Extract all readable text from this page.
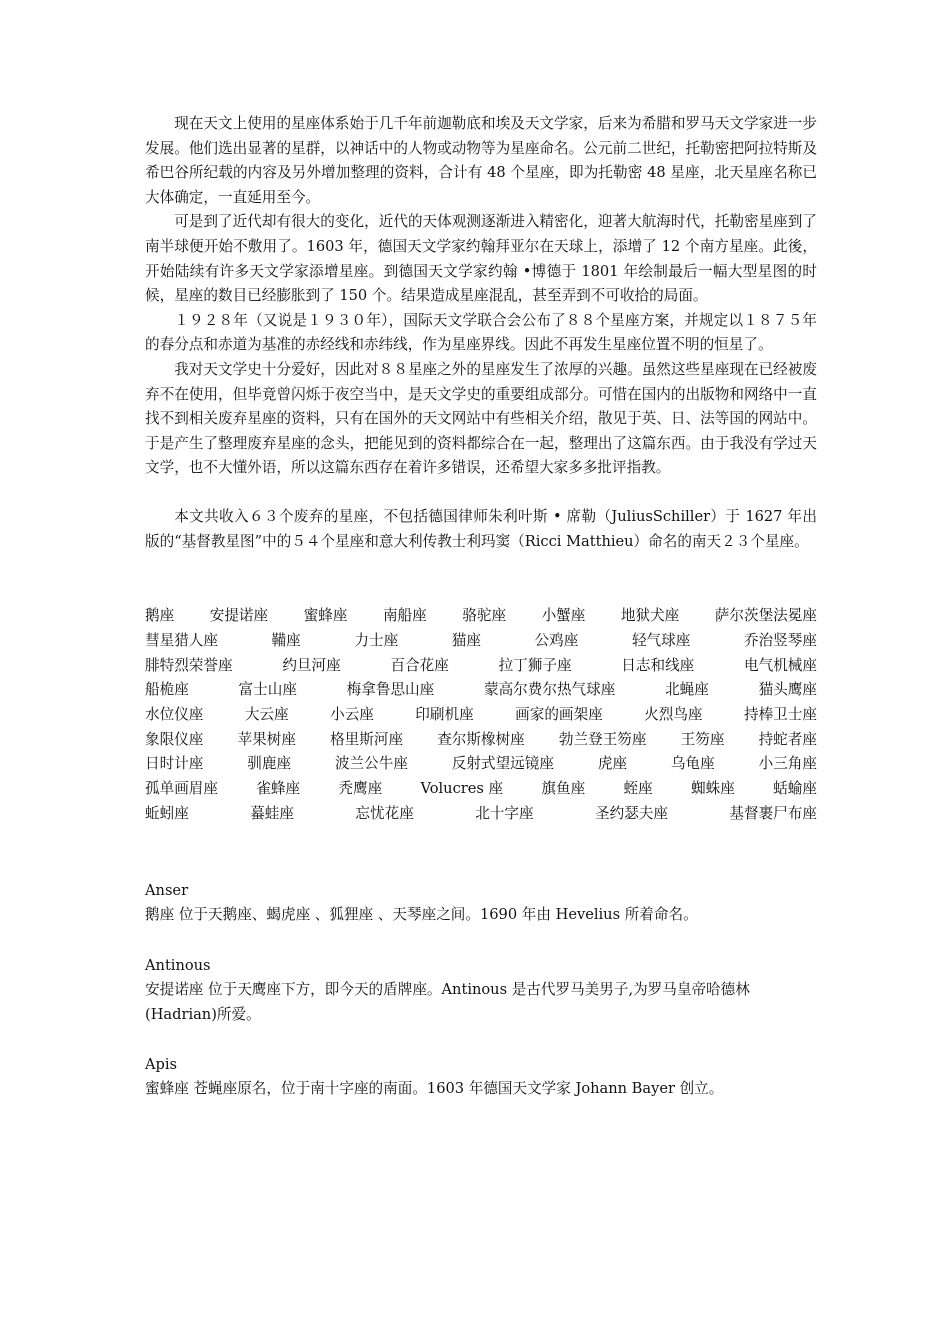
现在天文上使用的星座体系始于几千年前迦勒底和埃及天文学家，后来为希腊和罗马天文学家进一步发展。他们选出显著的星群，以神话中的人物或动物等为星座命名。公元前二世纪，托勒密把阿拉特斯及希巴谷所纪载的内容及另外增加整理的资料，合计有 48 个星座，即为托勒密 48 星座，北天星座名称已大体确定，一直延用至今。

可是到了近代却有很大的变化，近代的天体观测逐渐进入精密化，迎著大航海时代，托勒密星座到了南半球便开始不敷用了。1603 年，德国天文学家约翰拜亚尔在天球上，添增了 12 个南方星座。此後，开始陆续有许多天文学家添增星座。到德国天文学家约翰 •博德于 1801 年绘制最后一幅大型星图的时候，星座的数目已经膨胀到了 150 个。结果造成星座混乱，甚至弄到不可收拾的局面。

１９２８年（又说是１９３０年），国际天文学联合会公布了８８个星座方案，并规定以１８７５年的春分点和赤道为基准的赤经线和赤纬线，作为星座界线。因此不再发生星座位置不明的恒星了。

我对天文学史十分爱好，因此对８８星座之外的星座发生了浓厚的兴趣。虽然这些星座现在已经被废弃不在使用，但毕竟曾闪烁于夜空当中，是天文学史的重要组成部分。可惜在国内的出版物和网络中一直找不到相关废弃星座的资料，只有在国外的天文网站中有些相关介绍，散见于英、日、法等国的网站中。于是产生了整理废弃星座的念头，把能见到的资料都综合在一起，整理出了这篇东西。由于我没有学过天文学，也不大懂外语，所以这篇东西存在着许多错误，还希望大家多多批评指教。

本文共收入６３个废弃的星座，不包括德国律师朱利叶斯 • 席勒（JuliusSchiller）于 1627 年出版的“基督教星图”中的５４个星座和意大利传教士利玛窦（Ricci Matthieu）命名的南天２３个星座。

鹅座 安提诺座 蜜蜂座 南船座 骆驼座 小蟹座 地狱犬座 萨尔茨堡法冕座
彗星猎人座	鞴座	力士座	猫座	公鸡座	轻气球座	乔治竖琴座
腓特烈荣誉座	约旦河座	百合花座	拉丁狮子座	日志和线座	电气机械座
船桅座	富士山座	梅拿鲁思山座	蒙高尔费尔热气球座	北蝇座	猫头鹰座
水位仪座	大云座	小云座	印刷机座	画家的画架座	火烈鸟座	持棒卫士座
象限仪座 苹果树座 格里斯河座 查尔斯橡树座 勃兰登王笏座 王笏座 持蛇者座
日时计座	驯鹿座	波兰公牛座	反射式望远镜座	虎座	乌龟座	小三角座
孤单画眉座	雀蜂座	秃鹰座	Volucres 座	旗鱼座	蛭座	蜘蛛座	蛞蝓座
蚯蚓座	蟇蛙座	忘忧花座	北十字座	圣约瑟夫座	基督裹尸布座
Anser

鹅座 位于天鹅座、蝎虎座 、狐狸座 、天琴座之间。1690 年由 Hevelius 所着命名。

Antinous

安提诺座 位于天鹰座下方，即今天的盾牌座。Antinous 是古代罗马美男子,为罗马皇帝哈德林(Hadrian)所爱。

Apis

蜜蜂座 苍蝇座原名，位于南十字座的南面。1603 年德国天文学家 Johann Bayer 创立。
